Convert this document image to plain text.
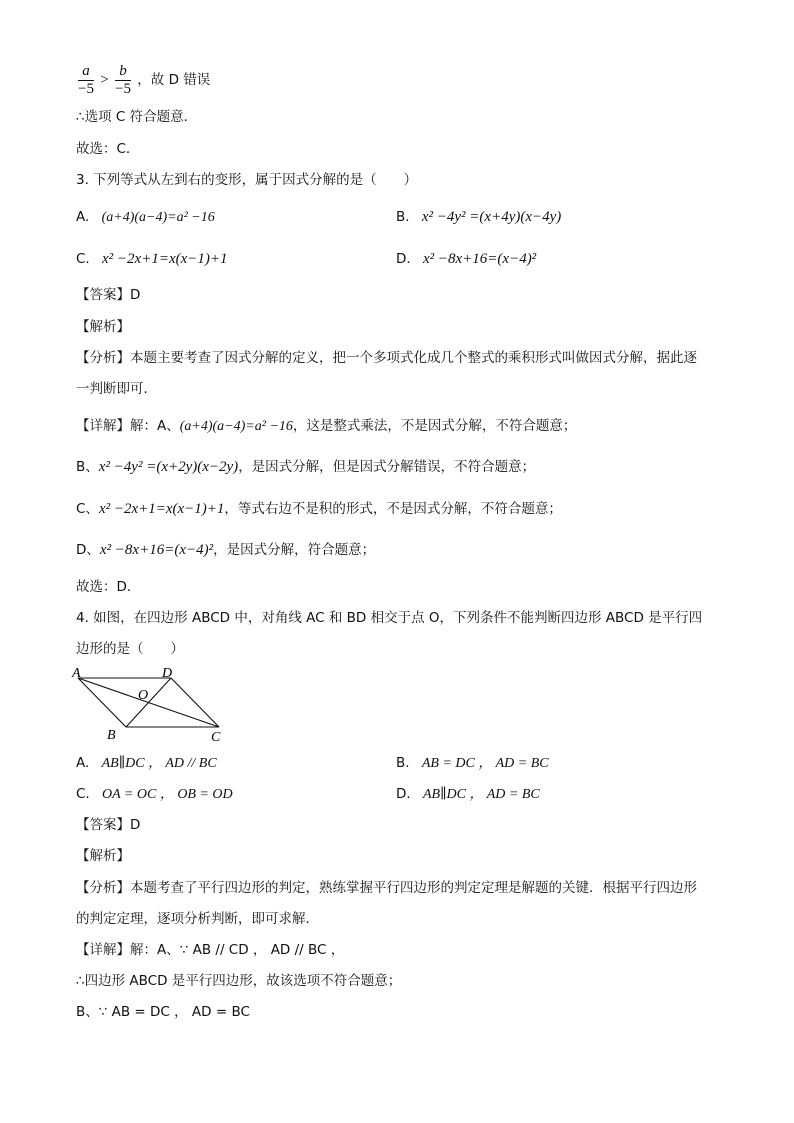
$\frac{a}{-5} > \frac{b}{-5}$ ，故 D 错误
∴选项 C 符合题意．
故选：C．
3. 下列等式从左到右的变形，属于因式分解的是（　　）
A. (a+4)(a−4)=a² −16	B. x² −4y² =(x+4y)(x−4y)
C. x² −2x+1=x(x−1)+1	D. x² −8x+16=(x−4)²
【答案】D
【解析】
【分析】本题主要考查了因式分解的定义，把一个多项式化成几个整式的乘积形式叫做因式分解，据此逐
一判断即可．
【详解】解：A、(a+4)(a−4)=a² −16，这是整式乘法，不是因式分解，不符合题意；
B、x² −4y² =(x+2y)(x−2y)，是因式分解，但是因式分解错误，不符合题意；
C、x² −2x+1=x(x−1)+1，等式右边不是积的形式，不是因式分解，不符合题意；
D、x² −8x+16=(x−4)²，是因式分解，符合题意；
故选：D．
4. 如图，在四边形 ABCD 中，对角线 AC 和 BD 相交于点 O，下列条件不能判断四边形 ABCD 是平行四
边形的是（　　）
A	D
O
B	C
A. AB∥DC ， AD // BC	B. AB = DC ， AD = BC
C. OA = OC ， OB = OD	D. AB∥DC ， AD = BC
【答案】D
【解析】
【分析】本题考查了平行四边形的判定，熟练掌握平行四边形的判定定理是解题的关键．根据平行四边形
的判定定理，逐项分析判断，即可求解．
【详解】解：A、∵ AB // CD ， AD // BC ，
∴四边形 ABCD 是平行四边形，故该选项不符合题意；
B、∵ AB = DC ， AD = BC
